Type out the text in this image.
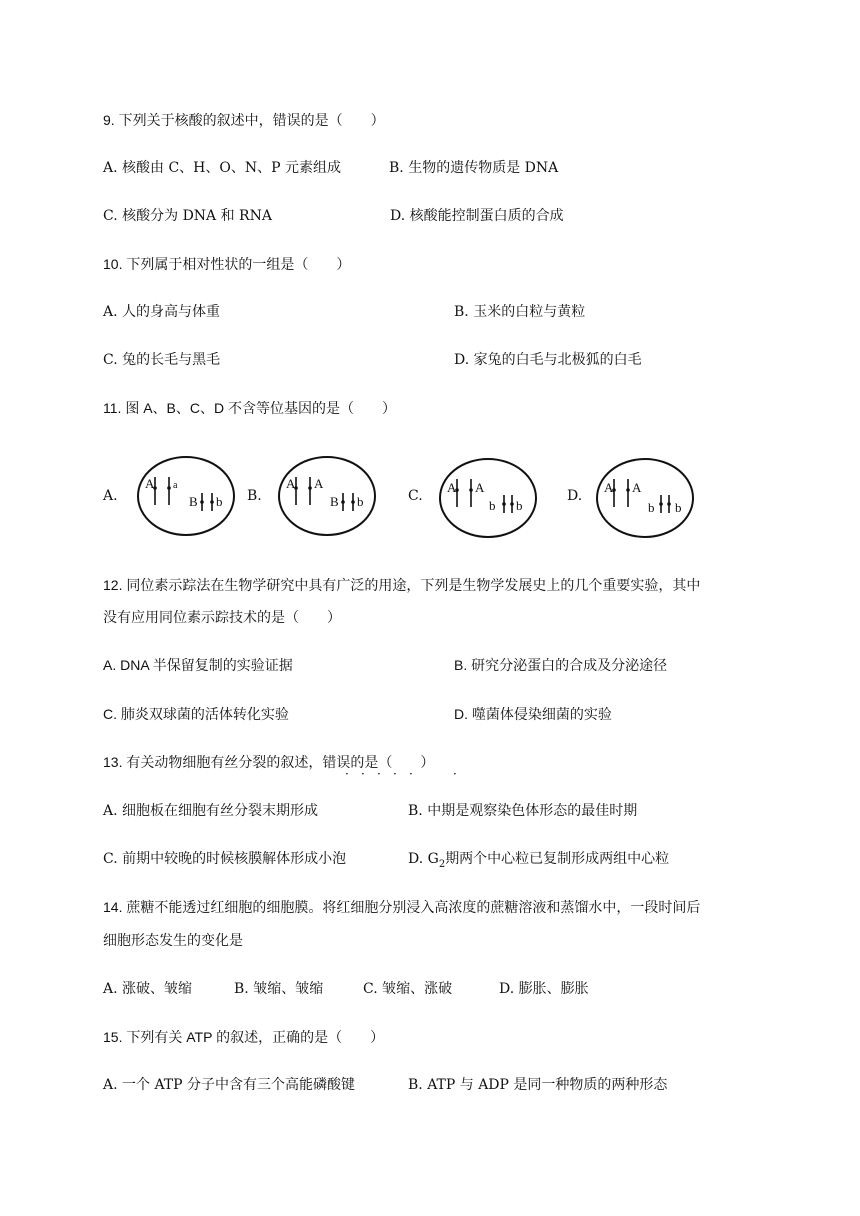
9. 下列关于核酸的叙述中，错误的是（　　）
A. 核酸由 C、H、O、N、P 元素组成	B. 生物的遗传物质是 DNA
C. 核酸分为 DNA 和 RNA	D. 核酸能控制蛋白质的合成
10. 下列属于相对性状的一组是（　　）
A. 人的身高与体重	B. 玉米的白粒与黄粒
C. 兔的长毛与黑毛	D. 家兔的白毛与北极狐的白毛
11. 图 A、B、C、D 不含等位基因的是（　　）
A.
A a
B b B.
A A
B b	C.
A A
b b
D.
A A
b b
12. 同位素示踪法在生物学研究中具有广泛的用途，下列是生物学发展史上的几个重要实验，其中
没有应用同位素示踪技术的是（　　）
A. DNA 半保留复制的实验证据	B. 研究分泌蛋白的合成及分泌途径
C. 肺炎双球菌的活体转化实验	D. 噬菌体侵染细菌的实验
13. 有关动物细胞有丝分裂的叙述，错误的是（　　）
· · · · ·	·
A. 细胞板在细胞有丝分裂末期形成	B. 中期是观察染色体形态的最佳时期
C. 前期中较晚的时候核膜解体形成小泡	D. $G_2$期两个中心粒已复制形成两组中心粒
14. 蔗糖不能透过红细胞的细胞膜。将红细胞分别浸入高浓度的蔗糖溶液和蒸馏水中，一段时间后
细胞形态发生的变化是
A. 涨破、皱缩	B. 皱缩、皱缩	C. 皱缩、涨破	D. 膨胀、膨胀
15. 下列有关 ATP 的叙述，正确的是（　　）
A. 一个 ATP 分子中含有三个高能磷酸键	B. ATP 与 ADP 是同一种物质的两种形态
